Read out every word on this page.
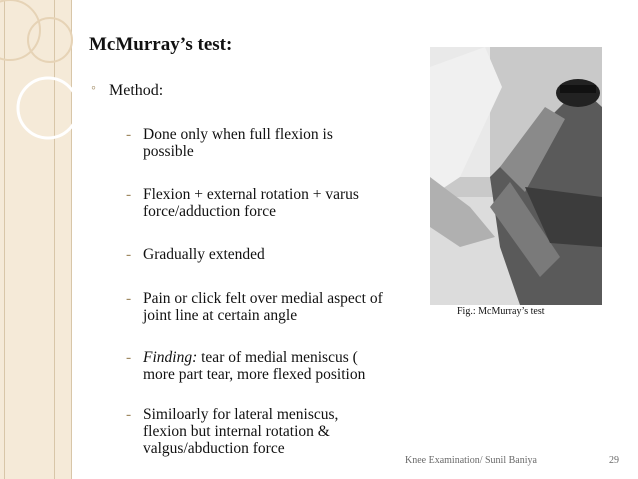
McMurray’s test:
◦ Method:
- Done only when full flexion is
possible
- Flexion + external rotation + varus
force/adduction force
- Gradually extended
- Pain or click felt over medial aspect of
joint line at certain angle
- Finding: tear of medial meniscus (
more part tear, more flexed position
- Similoarly for lateral meniscus,
flexion but internal rotation &
valgus/abduction force
Fig.: McMurray’s test
Knee Examination/ Sunil Baniya	29
